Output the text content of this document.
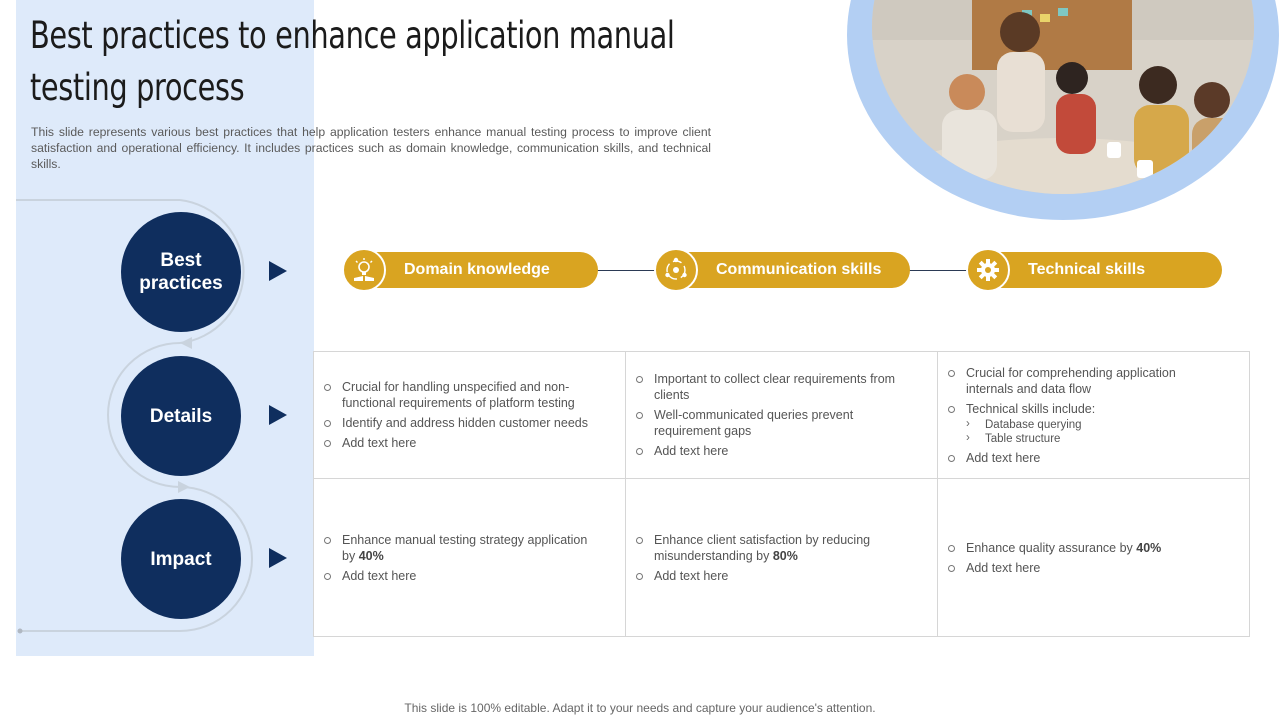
Best practices to enhance application manual testing process

This slide represents various best practices that help application testers enhance manual testing process to improve client satisfaction and operational efficiency. It includes practices such as domain knowledge, communication skills, and technical skills.

Best
practices
Details
Impact
Domain knowledge	Communication skills	Technical skills
Crucial for handling unspecified and non-functional requirements of platform testing
Identify and address hidden customer needs
Add text here
Important to collect clear requirements from clients
Well-communicated queries prevent requirement gaps
Add text here
Crucial for comprehending application internals and data flow
Technical skills include:
› Database querying
› Table structure
Add text here
Enhance manual testing strategy application by 40%
Add text here
Enhance client satisfaction by reducing misunderstanding by 80%
Add text here
Enhance quality assurance by 40%
Add text here
This slide is 100% editable. Adapt it to your needs and capture your audience's attention.
